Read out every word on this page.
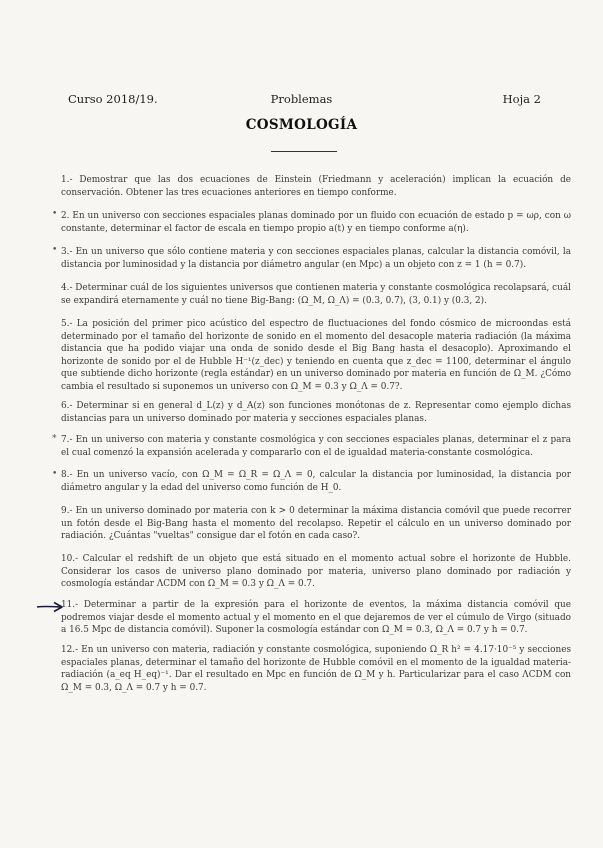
Curso 2018/19.	Problemas	Hoja 2
COSMOLOGÍA
•
•
*
•

1.- Demostrar que las dos ecuaciones de Einstein (Friedmann y aceleración) implican la ecuación de conservación. Obtener las tres ecuaciones anteriores en tiempo conforme.

2. En un universo con secciones espaciales planas dominado por un fluido con ecuación de estado p = ωρ, con ω constante, determinar el factor de escala en tiempo propio a(t) y en tiempo conforme a(η).

3.- En un universo que sólo contiene materia y con secciones espaciales planas, calcular la distancia comóvil, la distancia por luminosidad y la distancia por diámetro angular (en Mpc) a un objeto con z = 1 (h = 0.7).

4.- Determinar cuál de los siguientes universos que contienen materia y constante cosmológica recolapsará, cuál se expandirá eternamente y cuál no tiene Big-Bang: (Ω_M, Ω_Λ) = (0.3, 0.7), (3, 0.1) y (0.3, 2).

5.- La posición del primer pico acústico del espectro de fluctuaciones del fondo cósmico de microondas está determinado por el tamaño del horizonte de sonido en el momento del desacople materia radiación (la máxima distancia que ha podido viajar una onda de sonido desde el Big Bang hasta el desacoplo). Aproximando el horizonte de sonido por el de Hubble H⁻¹(z_dec) y teniendo en cuenta que z_dec = 1100, determinar el ángulo que subtiende dicho horizonte (regla estándar) en un universo dominado por materia en función de Ω_M. ¿Cómo cambia el resultado si suponemos un universo con Ω_M = 0.3 y Ω_Λ = 0.7?.

6.- Determinar si en general d_L(z) y d_A(z) son funciones monótonas de z. Representar como ejemplo dichas distancias para un universo dominado por materia y secciones espaciales planas.

7.- En un universo con materia y constante cosmológica y con secciones espaciales planas, determinar el z para el cual comenzó la expansión acelerada y compararlo con el de igualdad materia-constante cosmológica.

8.- En un universo vacío, con Ω_M = Ω_R = Ω_Λ = 0, calcular la distancia por luminosidad, la distancia por diámetro angular y la edad del universo como función de H_0.

9.- En un universo dominado por materia con k > 0 determinar la máxima distancia comóvil que puede recorrer un fotón desde el Big-Bang hasta el momento del recolapso. Repetir el cálculo en un universo dominado por radiación. ¿Cuántas "vueltas" consigue dar el fotón en cada caso?.

10.- Calcular el redshift de un objeto que está situado en el momento actual sobre el horizonte de Hubble. Considerar los casos de universo plano dominado por materia, universo plano dominado por radiación y cosmología estándar ΛCDM con Ω_M = 0.3 y Ω_Λ = 0.7.

11.- Determinar a partir de la expresión para el horizonte de eventos, la máxima distancia comóvil que podremos viajar desde el momento actual y el momento en el que dejaremos de ver el cúmulo de Virgo (situado a 16.5 Mpc de distancia comóvil). Suponer la cosmología estándar con Ω_M = 0.3, Ω_Λ = 0.7 y h = 0.7.

12.- En un universo con materia, radiación y constante cosmológica, suponiendo Ω_R h² = 4.17·10⁻⁵ y secciones espaciales planas, determinar el tamaño del horizonte de Hubble comóvil en el momento de la igualdad materia-radiación (a_eq H_eq)⁻¹. Dar el resultado en Mpc en función de Ω_M y h. Particularizar para el caso ΛCDM con Ω_M = 0.3, Ω_Λ = 0.7 y h = 0.7.
